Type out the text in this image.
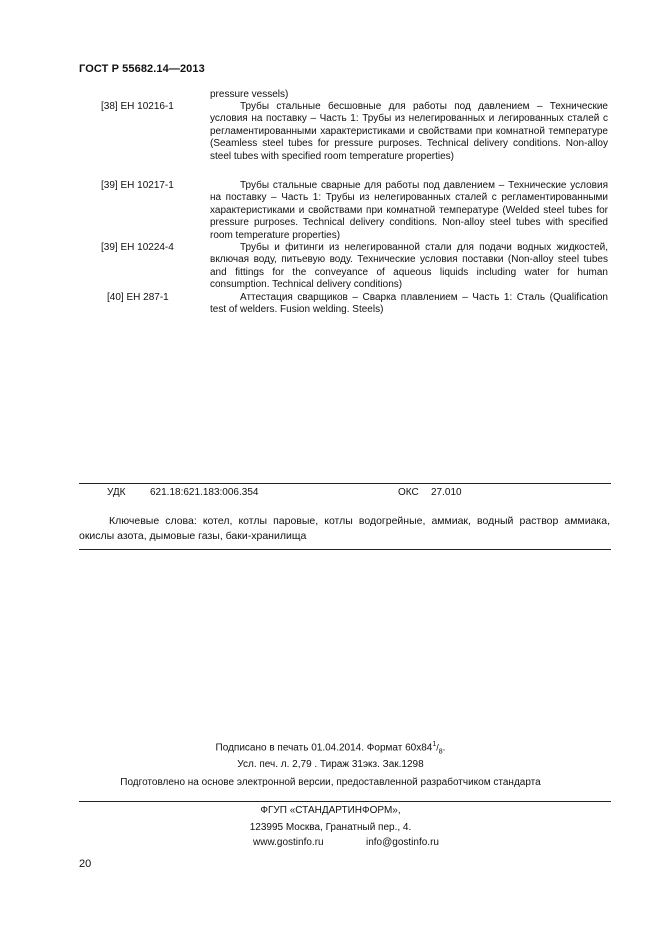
ГОСТ Р 55682.14—2013
pressure vessels)
[38] ЕН 10216-1	Трубы стальные бесшовные для работы под давлением – Технические условия на поставку – Часть 1: Трубы из нелегированных и легированных сталей с регламентированными характеристиками и свойствами при комнатной температуре (Seamless steel tubes for pressure purposes. Technical delivery conditions. Non-alloy steel tubes with specified room temperature properties)

[39] ЕН 10217-1	Трубы стальные сварные для работы под давлением – Технические условия на поставку – Часть 1: Трубы из нелегированных сталей с регламентированными характеристиками и свойствами при комнатной температуре (Welded steel tubes for pressure purposes. Technical delivery conditions. Non-alloy steel tubes with specified room temperature properties)

[39] ЕН 10224-4	Трубы и фитинги из нелегированной стали для подачи водных жидкостей, включая воду, питьевую воду. Технические условия поставки (Non-alloy steel tubes and fittings for the conveyance of aqueous liquids including water for human consumption. Technical delivery conditions)

[40] ЕН 287-1	Аттестация сварщиков – Сварка плавлением – Часть 1: Сталь (Qualification test of welders. Fusion welding. Steels)

УДК 621.18:621.183:006.354	ОКС 27.010

Ключевые слова: котел, котлы паровые, котлы водогрейные, аммиак, водный раствор аммиака, окислы азота, дымовые газы, баки-хранилища

Подписано в печать 01.04.2014. Формат $60x84^1/_8$.
Усл. печ. л. 2,79 . Тираж 31экз. Зак.1298
Подготовлено на основе электронной версии, предоставленной разработчиком стандарта
ФГУП «СТАНДАРТИНФОРМ»,
123995 Москва, Гранатный пер., 4.
www.gostinfo.ru	info@gostinfo.ru
20
